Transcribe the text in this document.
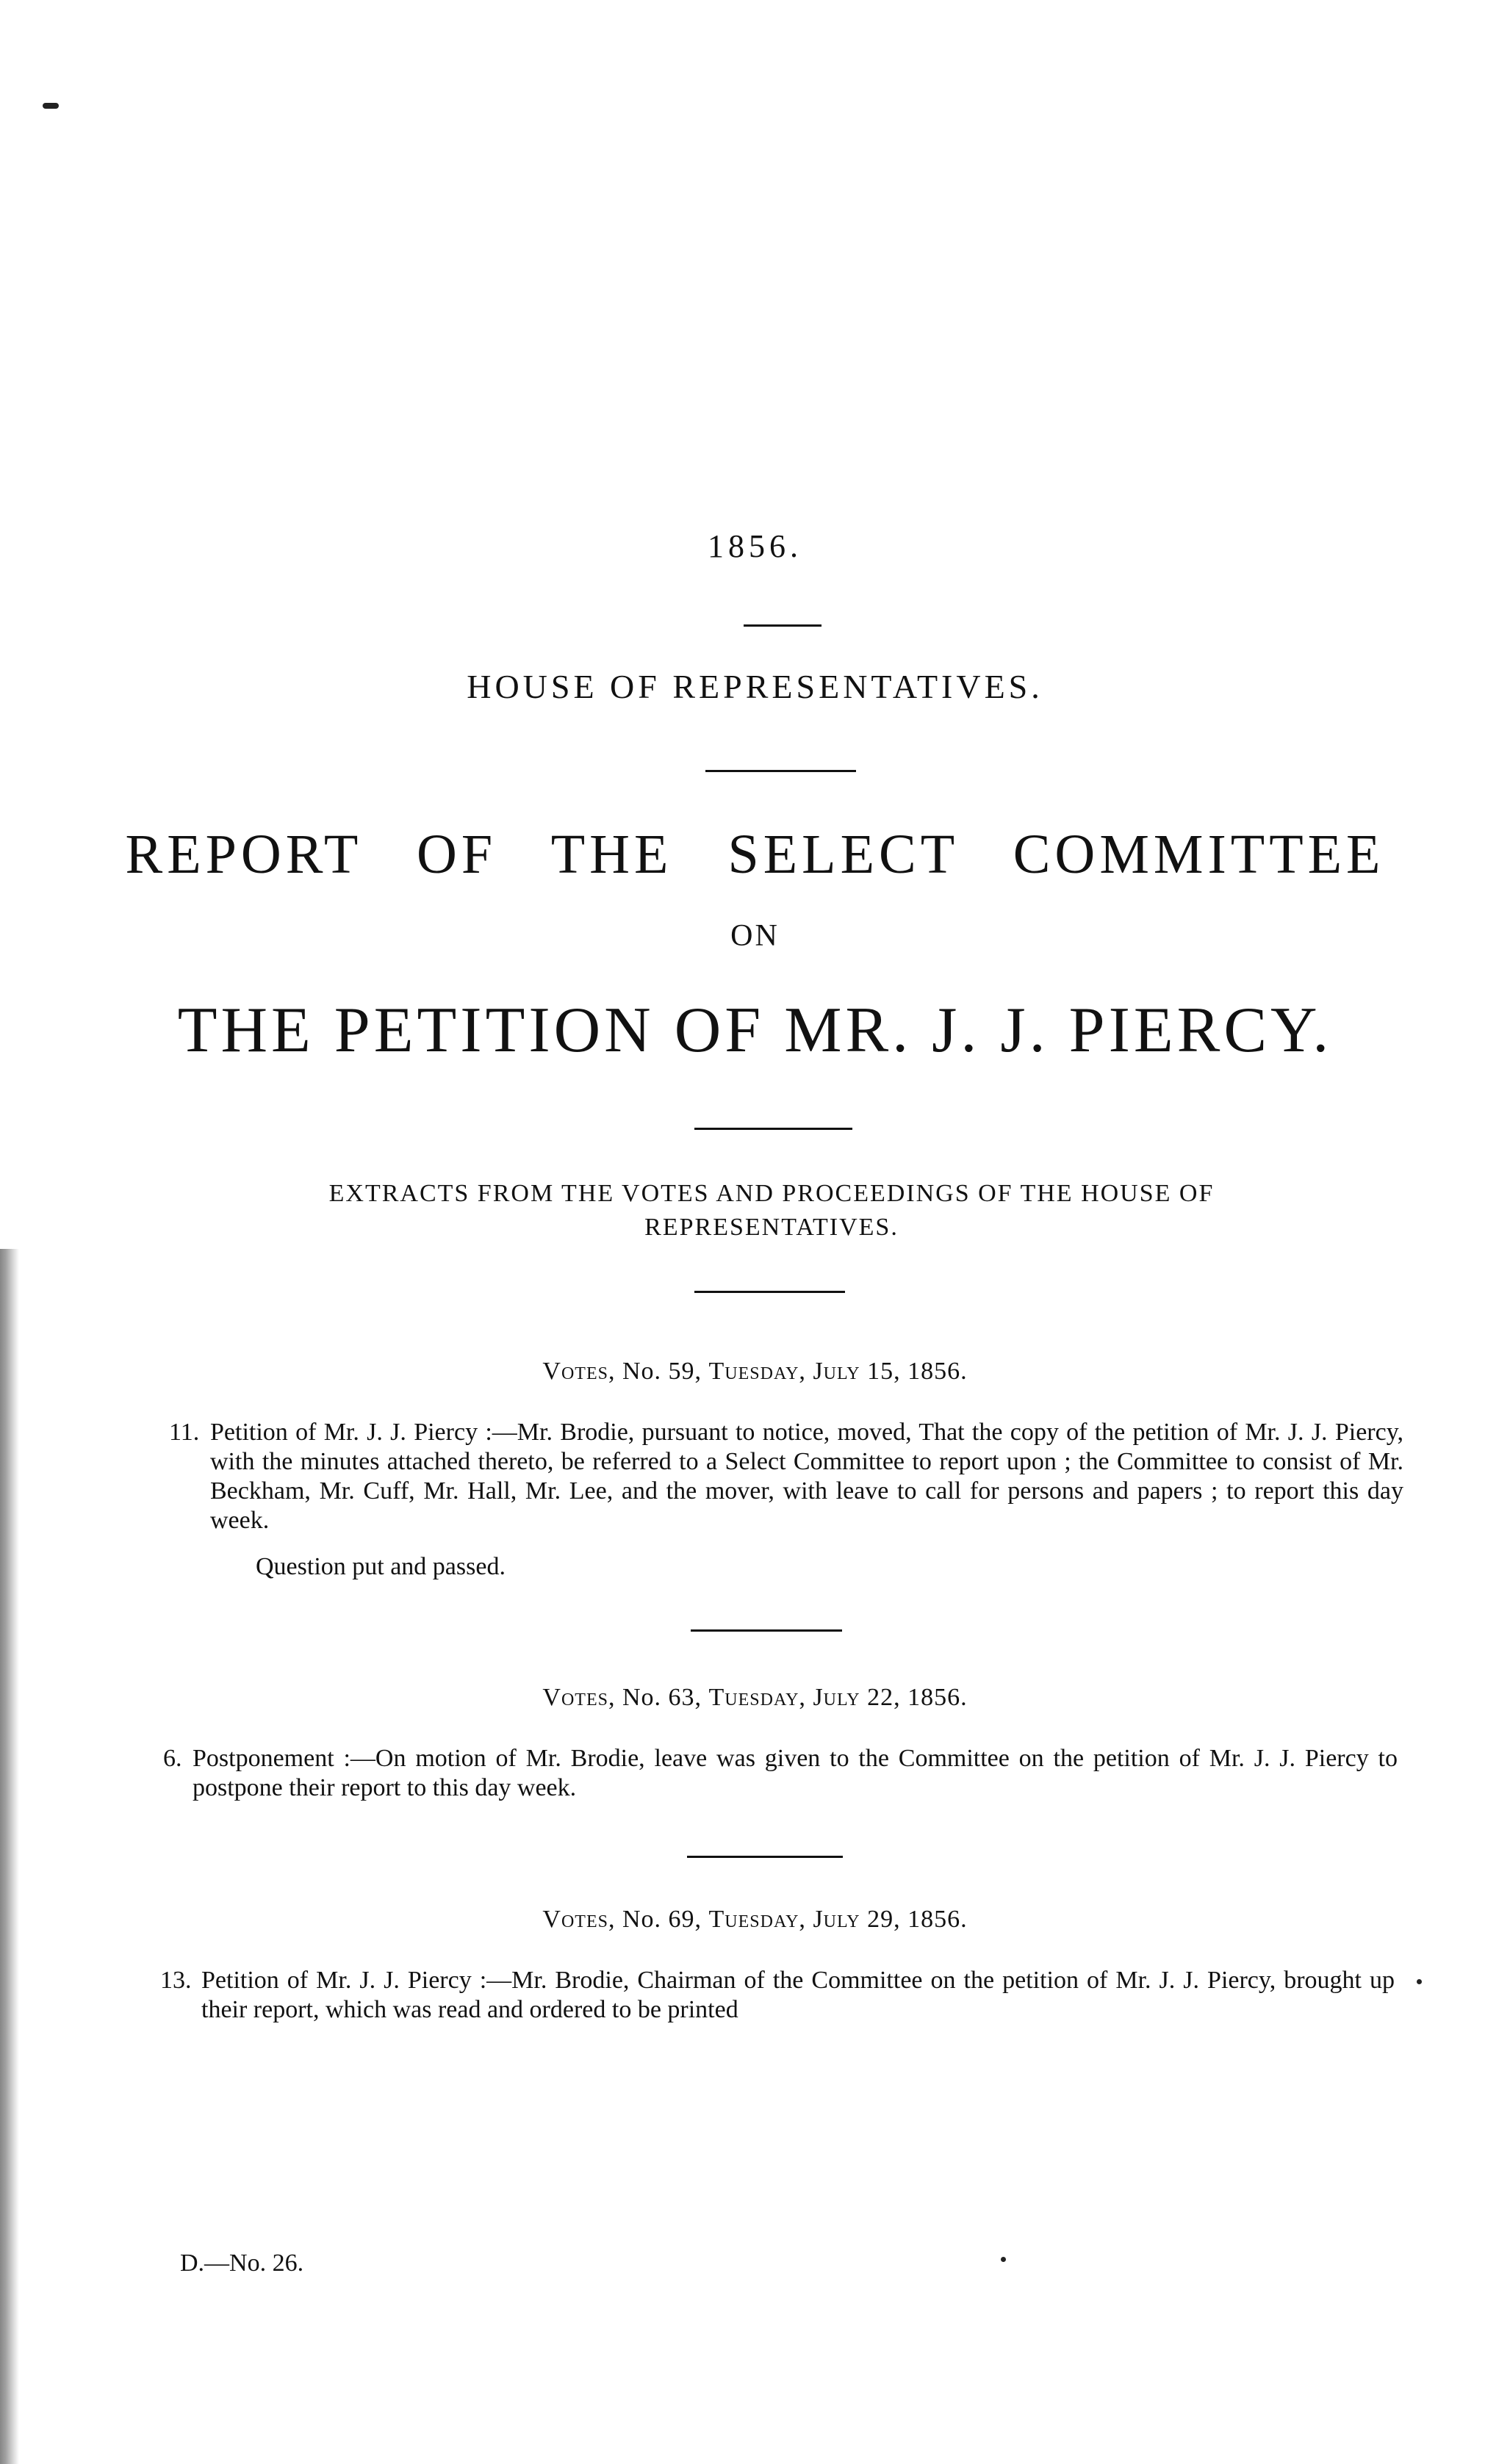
1856.
HOUSE OF REPRESENTATIVES.
REPORT OF THE SELECT COMMITTEE
ON
THE PETITION OF MR. J. J. PIERCY.
EXTRACTS FROM THE VOTES AND PROCEEDINGS OF THE HOUSE OF REPRESENTATIVES.
Votes, No. 59, Tuesday, July 15, 1856.
11. Petition of Mr. J. J. Piercy :—Mr. Brodie, pursuant to notice, moved, That the copy of the petition of Mr. J. J. Piercy, with the minutes attached thereto, be referred to a Select Committee to report upon ; the Committee to consist of Mr. Beckham, Mr. Cuff, Mr. Hall, Mr. Lee, and the mover, with leave to call for persons and papers ; to report this day week.
Question put and passed.
Votes, No. 63, Tuesday, July 22, 1856.
6. Postponement :—On motion of Mr. Brodie, leave was given to the Committee on the petition of Mr. J. J. Piercy to postpone their report to this day week.
Votes, No. 69, Tuesday, July 29, 1856.
13. Petition of Mr. J. J. Piercy :—Mr. Brodie, Chairman of the Committee on the petition of Mr. J. J. Piercy, brought up their report, which was read and ordered to be printed
D.—No. 26.
